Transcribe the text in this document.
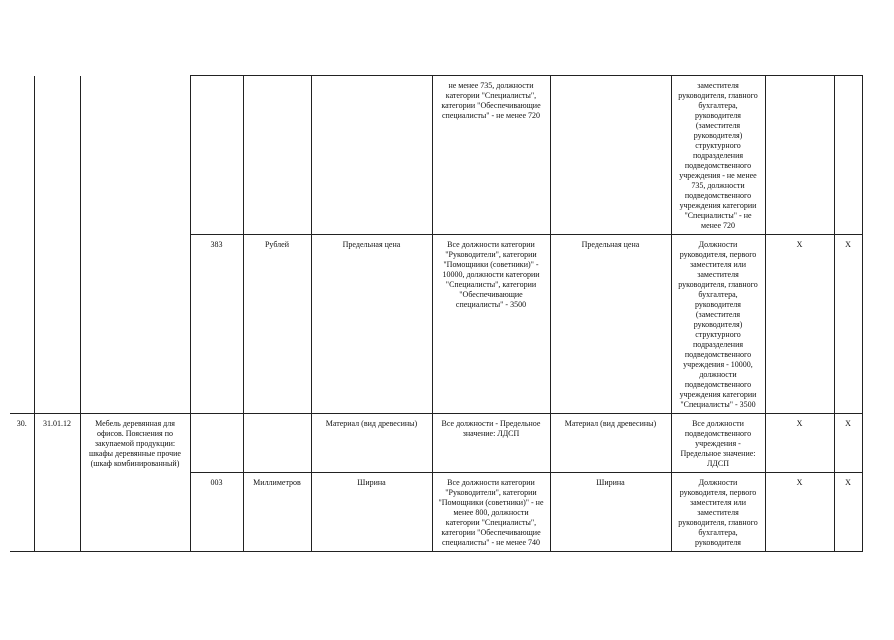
						не менее 735, должности категории "Специалисты", категории "Обеспечивающие специалисты" - не менее 720		заместителя руководителя, главного бухгалтера, руководителя (заместителя руководителя) структурного подразделения подведомственного учреждения - не менее 735, должности подведомственного учреждения категории "Специалисты" - не менее 720		
			383	Рублей	Предельная цена	Все должности категории "Руководители", категории "Помощники (советники)" - 10000, должности категории "Специалисты", категории "Обеспечивающие специалисты" - 3500	Предельная цена	Должности руководителя, первого заместителя или заместителя руководителя, главного бухгалтера, руководителя (заместителя руководителя) структурного подразделения подведомственного учреждения - 10000, должности подведомственного учреждения категории "Специалисты" - 3500	X	X
30.	31.01.12	Мебель деревянная для офисов. Пояснения по закупаемой продукции: шкафы деревянные прочие (шкаф комбинированный)			Материал (вид древесины)	Все должности - Предельное значение: ЛДСП	Материал (вид древесины)	Все должности подведомственного учреждения - Предельное значение: ЛДСП	X	X
			003	Миллиметров	Ширина	Все должности категории "Руководители", категории "Помощники (советники)" - не менее 800, должности категории "Специалисты", категории "Обеспечивающие специалисты" - не менее 740	Ширина	Должности руководителя, первого заместителя или заместителя руководителя, главного бухгалтера, руководителя	X	X
